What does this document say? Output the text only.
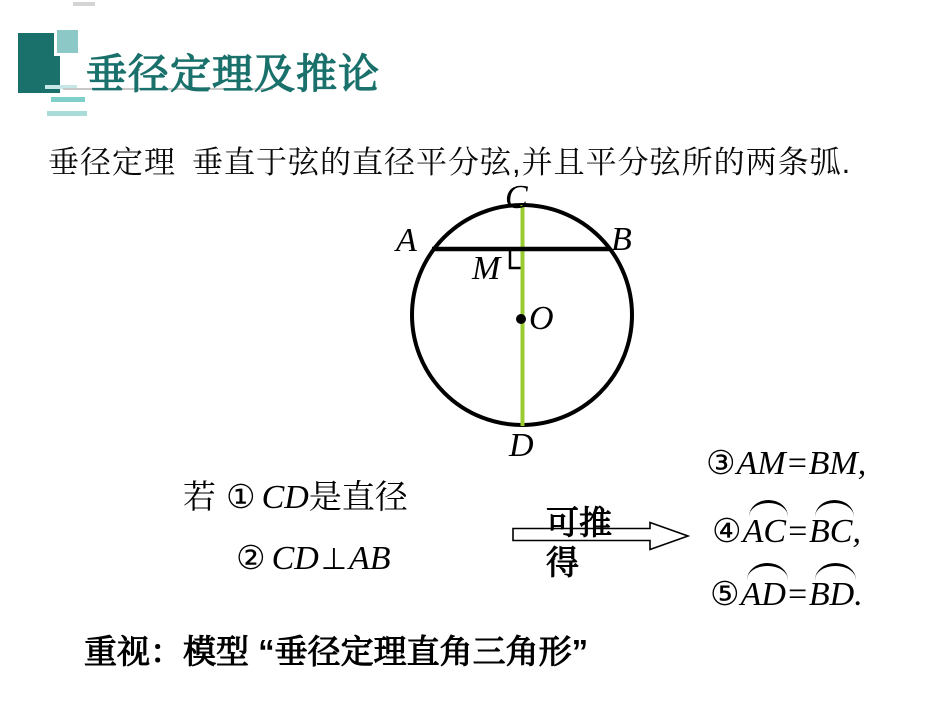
垂径定理及推论
垂径定理 垂直于弦的直径平分弦,并且平分弦所的两条弧.
C
A	B
M
O
D
若 ① CD是直径
② CD⊥AB
可推
得
③AM=BM,
④AC=BC,
⑤AD=BD.
重视：模型 “垂径定理直角三角形”
